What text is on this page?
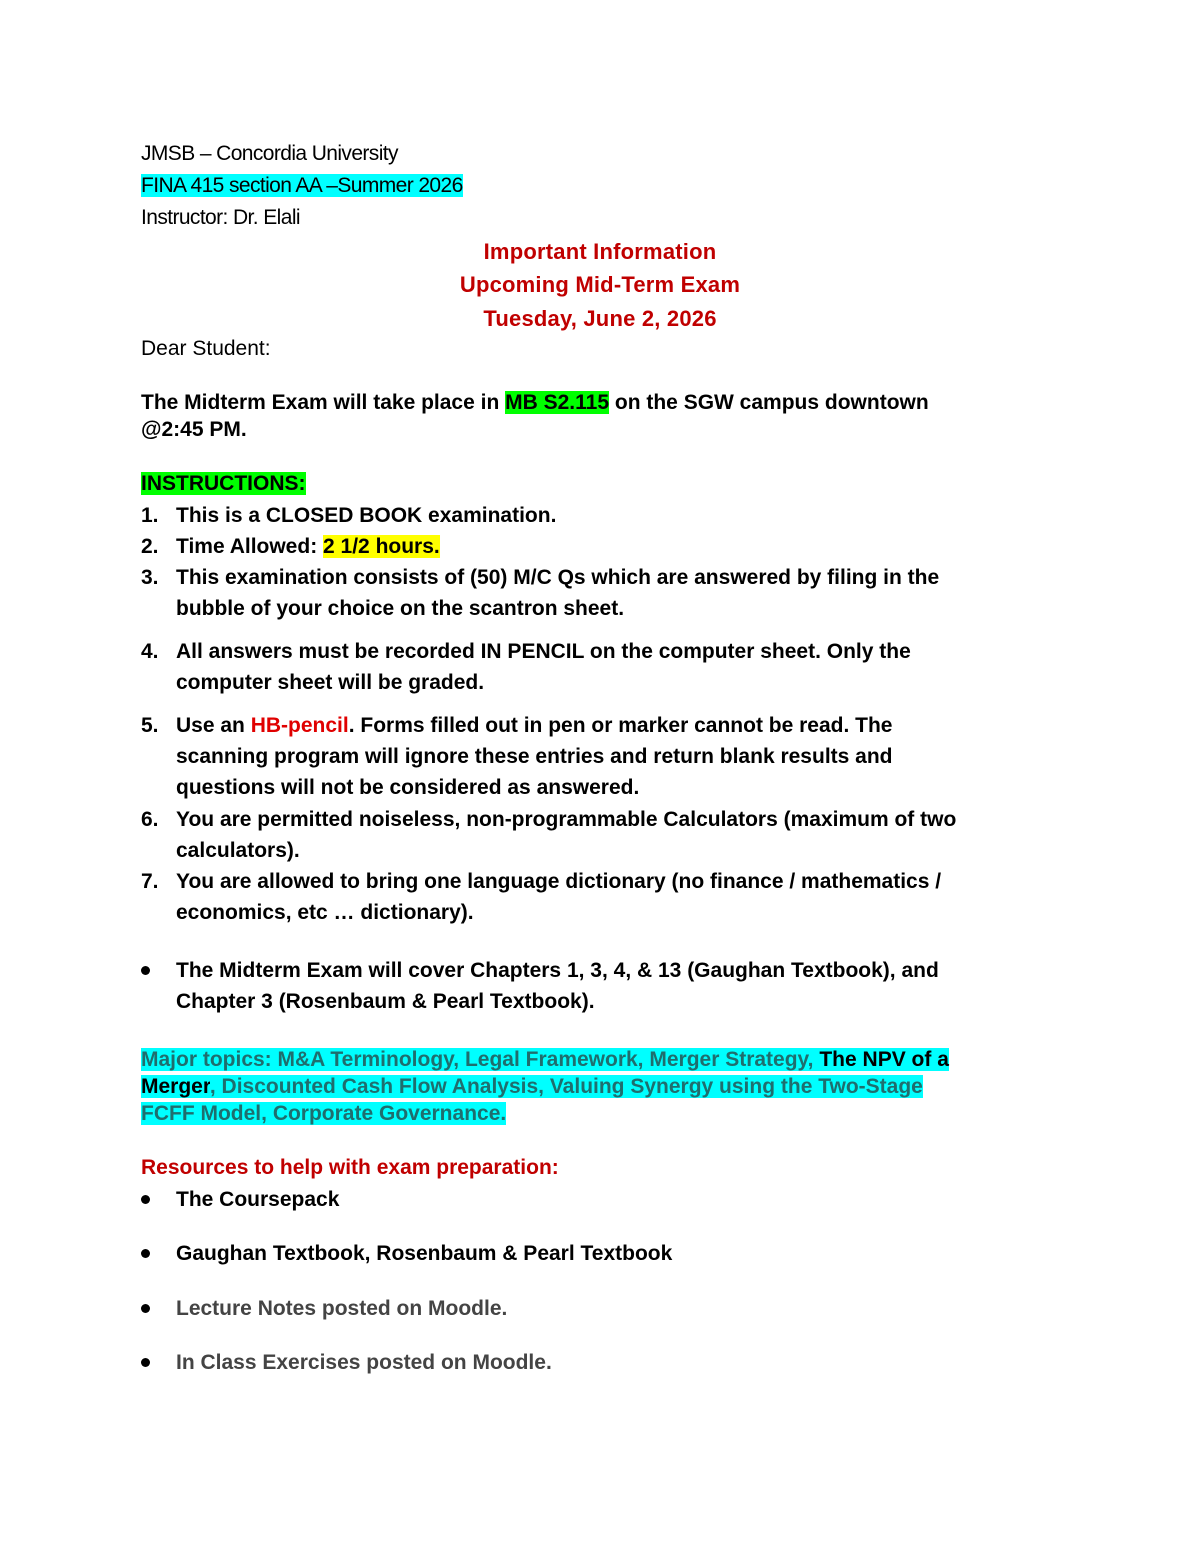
JMSB – Concordia University
FINA 415 section AA –Summer 2026
Instructor: Dr. Elali
Important Information
Upcoming Mid-Term Exam
Tuesday, June 2, 2026
Dear Student:
The Midterm Exam will take place in MB S2.115 on the SGW campus downtown
@2:45 PM.
INSTRUCTIONS:
1. This is a CLOSED BOOK examination.
2. Time Allowed: 2 1/2 hours.
3. This examination consists of (50) M/C Qs which are answered by filing in the
bubble of your choice on the scantron sheet.
4. All answers must be recorded IN PENCIL on the computer sheet. Only the
computer sheet will be graded.
5. Use an HB-pencil. Forms filled out in pen or marker cannot be read. The
scanning program will ignore these entries and return blank results and
questions will not be considered as answered.
6. You are permitted noiseless, non-programmable Calculators (maximum of two
calculators).
7. You are allowed to bring one language dictionary (no finance / mathematics /
economics, etc … dictionary).
The Midterm Exam will cover Chapters 1, 3, 4, & 13 (Gaughan Textbook), and
Chapter 3 (Rosenbaum & Pearl Textbook).
Major topics: M&A Terminology, Legal Framework, Merger Strategy, The NPV of a
Merger, Discounted Cash Flow Analysis, Valuing Synergy using the Two-Stage
FCFF Model, Corporate Governance.
Resources to help with exam preparation:
The Coursepack
Gaughan Textbook, Rosenbaum & Pearl Textbook
Lecture Notes posted on Moodle.
In Class Exercises posted on Moodle.
